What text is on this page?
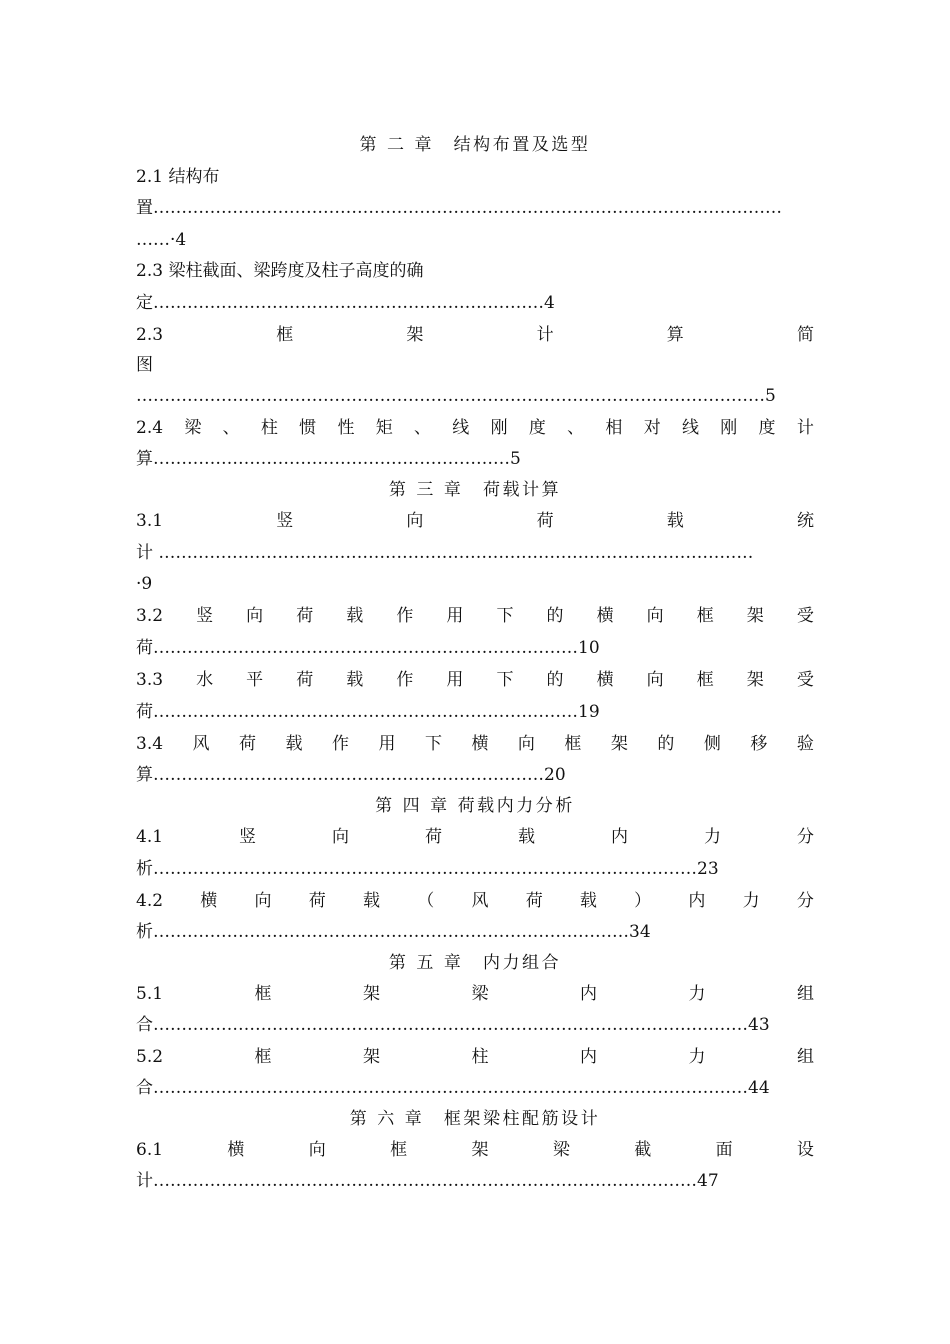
第 二 章　结构布置及选型
2.1 结构布
置…………………………………………………………………………………………………
……·4
2.3 梁柱截面、梁跨度及柱子高度的确
定……………………………………………………………4
2.3	框	架	计	算	简
图
…………………………………………………………………………………………………5
2.4 梁 、 柱 惯 性 矩 、 线 刚 度 、 相 对 线 刚 度 计
算………………………………………………………5
第 三 章　荷载计算
3.1	竖	向	荷	载	统
计 ……………………………………………………………………………………………
·9
3.2 竖 向 荷 载 作 用 下 的 横 向 框 架 受
荷…………………………………………………………………10
3.3 水 平 荷 载 作 用 下 的 横 向 框 架 受
荷…………………………………………………………………19
3.4 风 荷 载 作 用 下 横 向 框 架 的 侧 移 验
算……………………………………………………………20
第 四 章 荷载内力分析
4.1	竖	向	荷	载	内	力	分
析……………………………………………………………………………………23
4.2 横 向 荷 载 （ 风 荷 载 ） 内 力 分
析…………………………………………………………………………34
第 五 章　内力组合
5.1	框	架	梁	内	力	组
合……………………………………………………………………………………………43
5.2	框	架	柱	内	力	组
合……………………………………………………………………………………………44
第 六 章　框架梁柱配筋设计
6.1	横	向	框	架	梁	截	面	设
计……………………………………………………………………………………47
